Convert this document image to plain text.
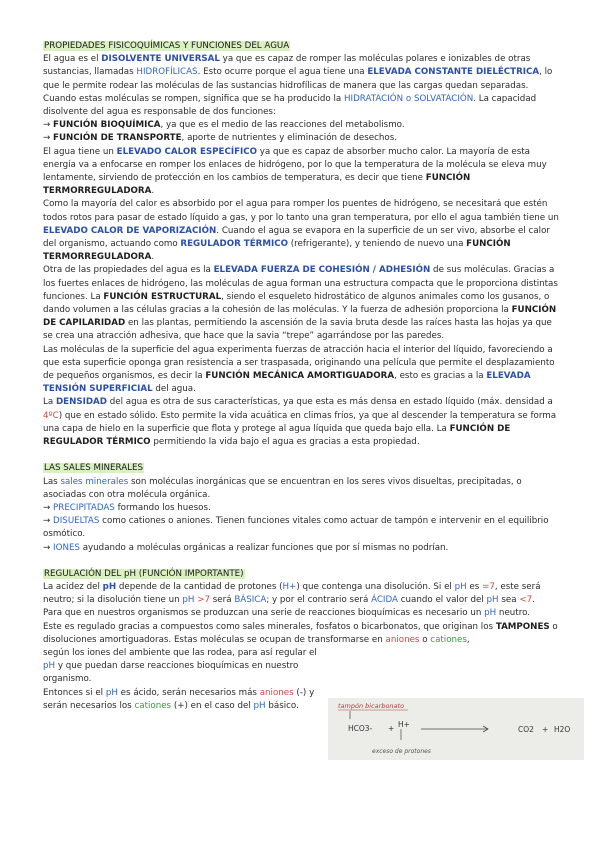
PROPIEDADES FISICOQUÍMICAS Y FUNCIONES DEL AGUA

El agua es el DISOLVENTE UNIVERSAL ya que es capaz de romper las moléculas polares e ionizables de otras sustancias, llamadas HIDROFÍLICAS. Esto ocurre porque el agua tiene una ELEVADA CONSTANTE DIELÉCTRICA, lo que le permite rodear las moléculas de las sustancias hidrofílicas de manera que las cargas quedan separadas. Cuando estas moléculas se rompen, significa que se ha producido la HIDRATACIÓN o SOLVATACIÓN. La capacidad disolvente del agua es responsable de dos funciones:

→ FUNCIÓN BIOQUÍMICA, ya que es el medio de las reacciones del metabolismo.

→ FUNCIÓN DE TRANSPORTE, aporte de nutrientes y eliminación de desechos.

El agua tiene un ELEVADO CALOR ESPECÍFICO ya que es capaz de absorber mucho calor. La mayoría de esta energía va a enfocarse en romper los enlaces de hidrógeno, por lo que la temperatura de la molécula se eleva muy lentamente, sirviendo de protección en los cambios de temperatura, es decir que tiene FUNCIÓN TERMORREGULADORA.

Como la mayoría del calor es absorbido por el agua para romper los puentes de hidrógeno, se necesitará que estén todos rotos para pasar de estado líquido a gas, y por lo tanto una gran temperatura, por ello el agua también tiene un ELEVADO CALOR DE VAPORIZACIÓN. Cuando el agua se evapora en la superficie de un ser vivo, absorbe el calor del organismo, actuando como REGULADOR TÉRMICO (refrigerante), y teniendo de nuevo una FUNCIÓN TERMORREGULADORA.

Otra de las propiedades del agua es la ELEVADA FUERZA DE COHESIÓN / ADHESIÓN de sus moléculas. Gracias a los fuertes enlaces de hidrógeno, las moléculas de agua forman una estructura compacta que le proporciona distintas funciones. La FUNCIÓN ESTRUCTURAL, siendo el esqueleto hidrostático de algunos animales como los gusanos, o dando volumen a las células gracias a la cohesión de las moléculas. Y la fuerza de adhesión proporciona la FUNCIÓN DE CAPILARIDAD en las plantas, permitiendo la ascensión de la savia bruta desde las raíces hasta las hojas ya que se crea una atracción adhesiva, que hace que la savia “trepe” agarrándose por las paredes.

Las moléculas de la superficie del agua experimenta fuerzas de atracción hacia el interior del líquido, favoreciendo a que esta superficie oponga gran resistencia a ser traspasada, originando una película que permite el desplazamiento de pequeños organismos, es decir la FUNCIÓN MECÁNICA AMORTIGUADORA, esto es gracias a la ELEVADA TENSIÓN SUPERFICIAL del agua.

La DENSIDAD del agua es otra de sus características, ya que esta es más densa en estado líquido (máx. densidad a 4ºC) que en estado sólido. Esto permite la vida acuática en climas fríos, ya que al descender la temperatura se forma una capa de hielo en la superficie que flota y protege al agua líquida que queda bajo ella. La FUNCIÓN DE REGULADOR TÉRMICO permitiendo la vida bajo el agua es gracias a esta propiedad.

LAS SALES MINERALES

Las sales minerales son moléculas inorgánicas que se encuentran en los seres vivos disueltas, precipitadas, o asociadas con otra molécula orgánica.

→ PRECIPITADAS formando los huesos.

→ DISUELTAS como cationes o aniones. Tienen funciones vitales como actuar de tampón e intervenir en el equilibrio osmótico.

→ IONES ayudando a moléculas orgánicas a realizar funciones que por sí mismas no podrían.

REGULACIÓN DEL pH (FUNCIÓN IMPORTANTE)

La acidez del pH depende de la cantidad de protones (H+) que contenga una disolución. Si el pH es =7, este será neutro; si la disolución tiene un pH >7 será BÁSICA; y por el contrario será ÁCIDA cuando el valor del pH sea <7.

Para que en nuestros organismos se produzcan una serie de reacciones bioquímicas es necesario un pH neutro.

Este es regulado gracias a compuestos como sales minerales, fosfatos o bicarbonatos, que originan los TAMPONES o disoluciones amortiguadoras. Estas moléculas se ocupan de transformarse en aniones o cationes,

según los iones del ambiente que las rodea, para así regular el pH y que puedan darse reacciones bioquímicas en nuestro organismo.

Entonces si el pH es ácido, serán necesarios más aniones (-) y serán necesarios los cationes (+) en el caso del pH básico.	tampón bicarbonato
HCO3- + H+
CO2 + H2O
exceso de protones
